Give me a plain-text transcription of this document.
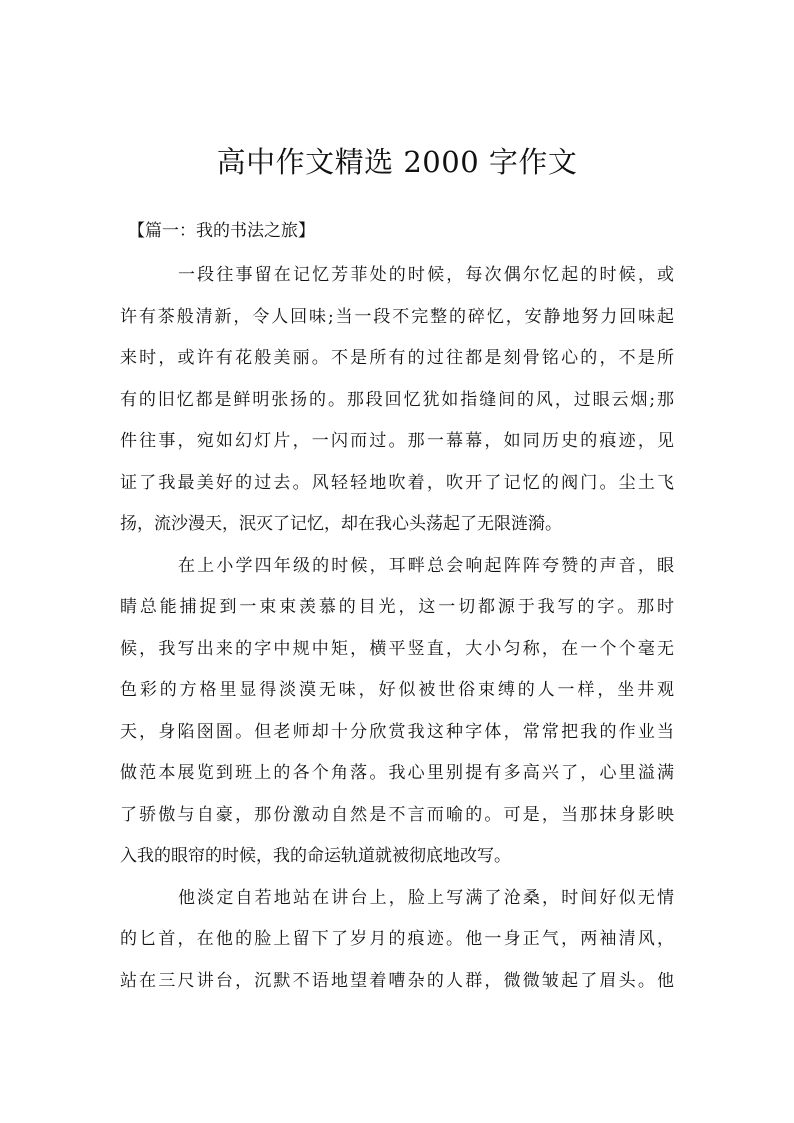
高中作文精选 2000 字作文

【篇一：我的书法之旅】

一段往事留在记忆芳菲处的时候，每次偶尔忆起的时候，或
许有茶般清新，令人回味;当一段不完整的碎忆，安静地努力回味起
来时，或许有花般美丽。不是所有的过往都是刻骨铭心的，不是所
有的旧忆都是鲜明张扬的。那段回忆犹如指缝间的风，过眼云烟;那
件往事，宛如幻灯片，一闪而过。那一幕幕，如同历史的痕迹，见
证了我最美好的过去。风轻轻地吹着，吹开了记忆的阀门。尘土飞
扬，流沙漫天，泯灭了记忆，却在我心头荡起了无限涟漪。
在上小学四年级的时候，耳畔总会响起阵阵夸赞的声音，眼
睛总能捕捉到一束束羡慕的目光，这一切都源于我写的字。那时
候，我写出来的字中规中矩，横平竖直，大小匀称，在一个个毫无
色彩的方格里显得淡漠无味，好似被世俗束缚的人一样，坐井观
天，身陷囹圄。但老师却十分欣赏我这种字体，常常把我的作业当
做范本展览到班上的各个角落。我心里别提有多高兴了，心里溢满
了骄傲与自豪，那份激动自然是不言而喻的。可是，当那抹身影映
入我的眼帘的时候，我的命运轨道就被彻底地改写。
他淡定自若地站在讲台上，脸上写满了沧桑，时间好似无情
的匕首，在他的脸上留下了岁月的痕迹。他一身正气，两袖清风，
站在三尺讲台，沉默不语地望着嘈杂的人群，微微皱起了眉头。他
